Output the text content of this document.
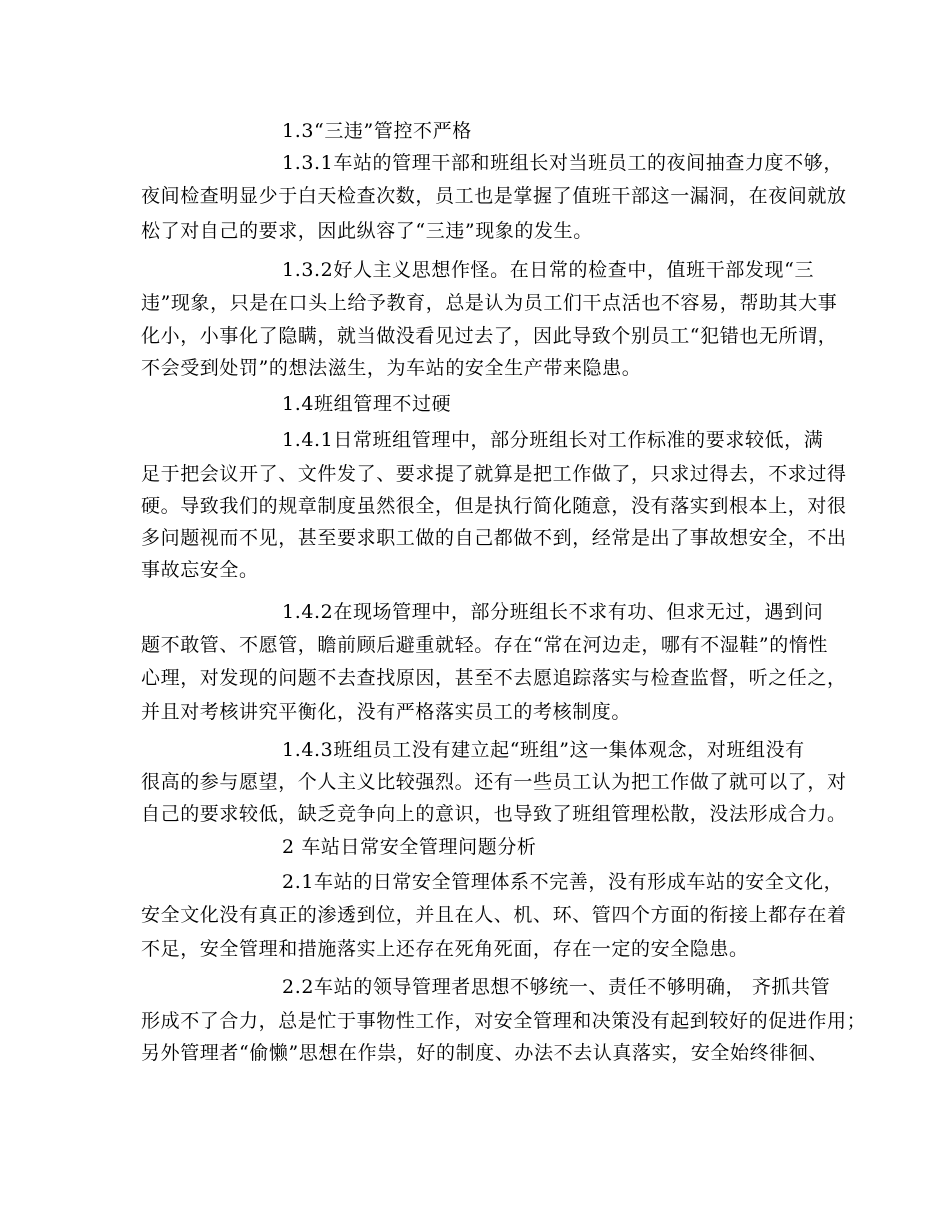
1.3“三违”管控不严格
1.3.1车站的管理干部和班组长对当班员工的夜间抽查力度不够，
夜间检查明显少于白天检查次数，员工也是掌握了值班干部这一漏洞，在夜间就放
松了对自己的要求，因此纵容了“三违”现象的发生。
1.3.2好人主义思想作怪。在日常的检查中，值班干部发现“三
违”现象，只是在口头上给予教育，总是认为员工们干点活也不容易，帮助其大事
化小，小事化了隐瞒，就当做没看见过去了，因此导致个别员工“犯错也无所谓，
不会受到处罚”的想法滋生，为车站的安全生产带来隐患。
1.4班组管理不过硬
1.4.1日常班组管理中，部分班组长对工作标准的要求较低，满
足于把会议开了、文件发了、要求提了就算是把工作做了，只求过得去，不求过得
硬。导致我们的规章制度虽然很全，但是执行简化随意，没有落实到根本上，对很
多问题视而不见，甚至要求职工做的自己都做不到，经常是出了事故想安全，不出
事故忘安全。
1.4.2在现场管理中，部分班组长不求有功、但求无过，遇到问
题不敢管、不愿管，瞻前顾后避重就轻。存在“常在河边走，哪有不湿鞋”的惰性
心理，对发现的问题不去查找原因，甚至不去愿追踪落实与检查监督，听之任之，
并且对考核讲究平衡化，没有严格落实员工的考核制度。
1.4.3班组员工没有建立起“班组”这一集体观念，对班组没有
很高的参与愿望，个人主义比较强烈。还有一些员工认为把工作做了就可以了，对
自己的要求较低，缺乏竞争向上的意识，也导致了班组管理松散，没法形成合力。
2 车站日常安全管理问题分析
2.1车站的日常安全管理体系不完善，没有形成车站的安全文化，
安全文化没有真正的渗透到位，并且在人、机、环、管四个方面的衔接上都存在着
不足，安全管理和措施落实上还存在死角死面，存在一定的安全隐患。
2.2车站的领导管理者思想不够统一、责任不够明确， 齐抓共管
形成不了合力，总是忙于事物性工作，对安全管理和决策没有起到较好的促进作用；
另外管理者“偷懒”思想在作祟，好的制度、办法不去认真落实，安全始终徘徊、
